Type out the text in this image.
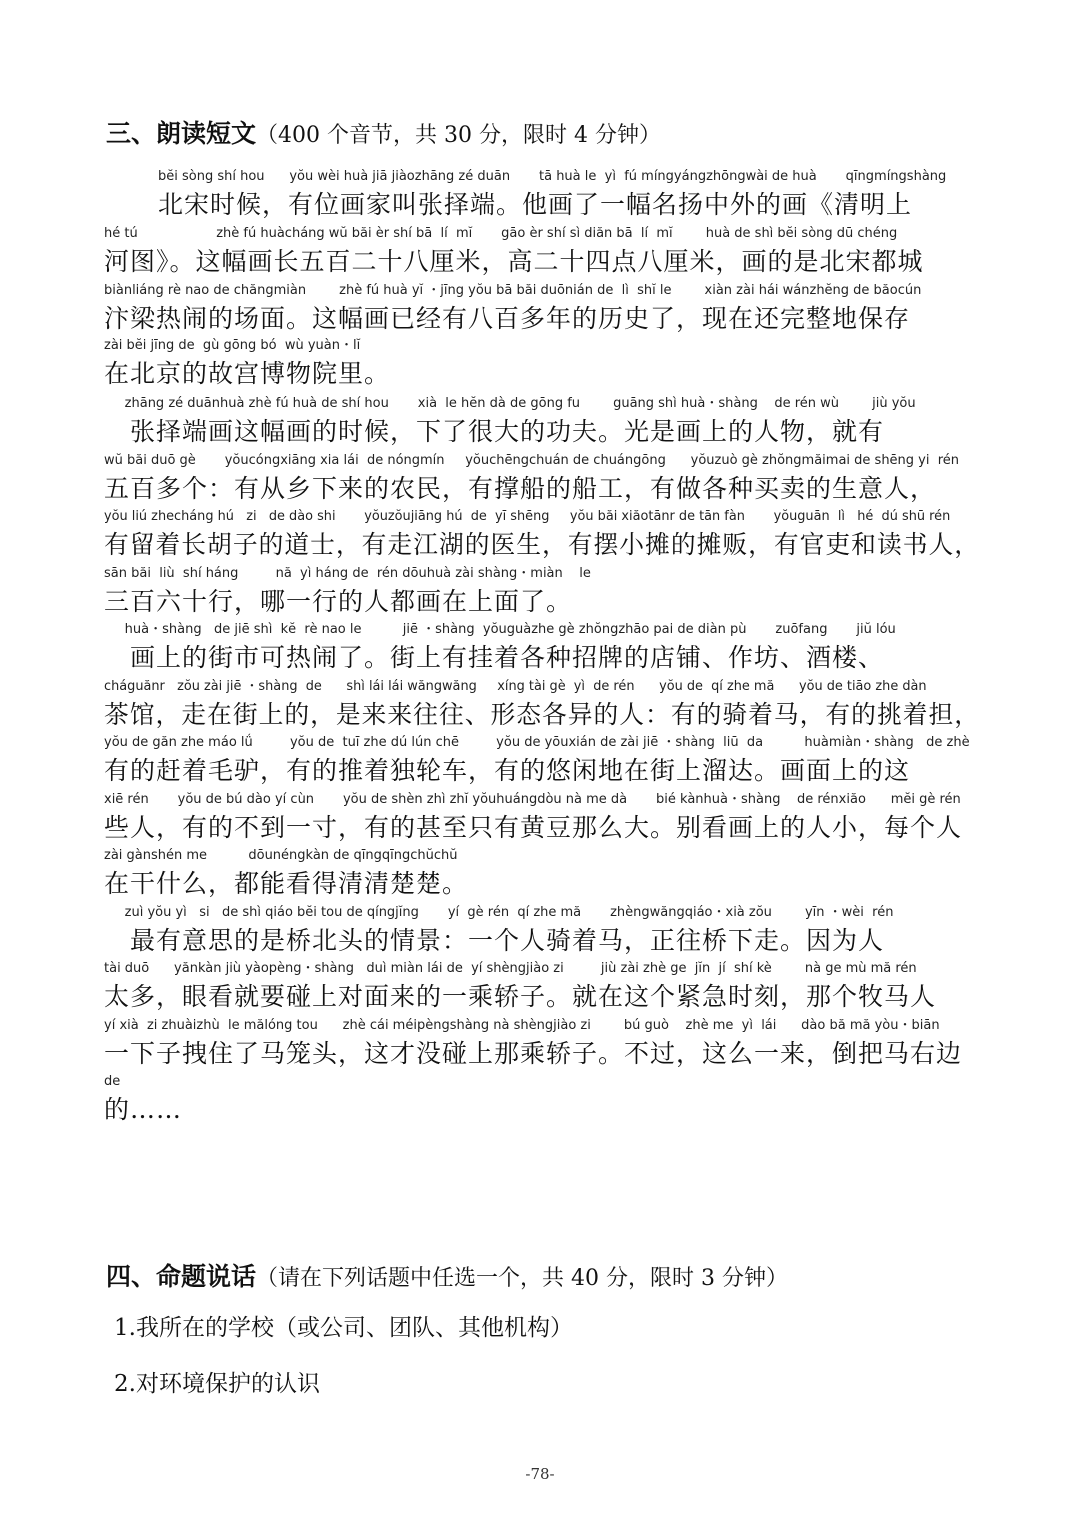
三、朗读短文（400 个音节，共 30 分，限时 4 分钟）
bĕi sòng shí hou      yŏu wèi huà jiā jiàozhāng zé duān       tā huà le  yì  fú míngyángzhōngwài de huà       qīngmíngshàng
北宋时候，有位画家叫张择端。他画了一幅名扬中外的画《清明上
hé tú                   zhè fú huàcháng wŭ băi èr shí bā  lí  mĭ       gāo èr shí sì diăn bā  lí  mĭ        huà de shì bĕi sòng dū chéng
河图》。这幅画长五百二十八厘米，高二十四点八厘米，画的是北宋都城
biànliáng rè nao de chăngmiàn        zhè fú huà yĭ ・jīng yŏu bā băi duōnián de  lì  shĭ le        xiàn zài hái wánzhĕng de băocún
汴梁热闹的场面。这幅画已经有八百多年的历史了，现在还完整地保存
zài bĕi jīng de  gù gōng bó  wù yuàn・lĭ
在北京的故宫博物院里。
zhāng zé duānhuà zhè fú huà de shí hou       xià  le hĕn dà de gōng fu        guāng shì huà・shàng    de rén wù        jiù yŏu
　张择端画这幅画的时候，下了很大的功夫。光是画上的人物，就有
wŭ băi duō gè       yŏucóngxiāng xia lái  de nóngmín     yŏuchēngchuán de chuángōng      yŏuzuò gè zhŏngmăimai de shēng yi  rén
五百多个：有从乡下来的农民，有撑船的船工，有做各种买卖的生意人，
yŏu liú zhecháng hú   zi   de dào shi       yŏuzŏujiāng hú  de  yī shēng     yŏu băi xiăotānr de tān fàn       yŏuguān  lì   hé  dú shū rén
有留着长胡子的道士，有走江湖的医生，有摆小摊的摊贩，有官吏和读书人，
sān băi  liù  shí háng         nă  yì háng de  rén dōuhuà zài shàng・miàn    le
三百六十行，哪一行的人都画在上面了。
huà・shàng   de jiē shì  kĕ  rè nao le          jiē ・shàng  yŏuguàzhe gè zhŏngzhāo pai de diàn pù       zuōfang       jiŭ lóu
　画上的街市可热闹了。街上有挂着各种招牌的店铺、作坊、酒楼、
cháguănr   zŏu zài jiē ・shàng  de      shì lái lái wăngwăng     xíng tài gè  yì  de rén      yŏu de  qí zhe mă      yŏu de tiāo zhe dàn
茶馆，走在街上的，是来来往往、形态各异的人：有的骑着马，有的挑着担，
yŏu de găn zhe máo lǘ         yŏu de  tuī zhe dú lún chē         yŏu de yōuxián de zài jiē ・shàng  liū  da          huàmiàn・shàng   de zhè
有的赶着毛驴，有的推着独轮车，有的悠闲地在街上溜达。画面上的这
xiē rén       yŏu de bú dào yí cùn       yŏu de shèn zhì zhĭ yŏuhuángdòu nà me dà       bié kànhuà・shàng    de rénxiăo      mĕi gè rén
些人，有的不到一寸，有的甚至只有黄豆那么大。别看画上的人小，每个人
zài gànshén me          dōunéngkàn de qīngqīngchŭchŭ
在干什么，都能看得清清楚楚。
zuì yŏu yì   si   de shì qiáo bĕi tou de qíngjĭng       yí  gè rén  qí zhe mă       zhèngwăngqiáo・xià zŏu        yīn ・wèi  rén
　最有意思的是桥北头的情景：一个人骑着马，正往桥下走。因为人
tài duō      yănkàn jiù yàopèng・shàng   duì miàn lái de  yí shèngjiào zi         jiù zài zhè ge  jĭn  jí  shí kè        nà ge mù mă rén
太多，眼看就要碰上对面来的一乘轿子。就在这个紧急时刻，那个牧马人
yí xià  zi zhuàizhù  le mălóng tou      zhè cái méipèngshàng nà shèngjiào zi        bú guò    zhè me  yì  lái      dào bă mă yòu・biān
一下子拽住了马笼头，这才没碰上那乘轿子。不过，这么一来，倒把马右边
de
的……
四、命题说话（请在下列话题中任选一个，共 40 分，限时 3 分钟）

1.我所在的学校（或公司、团队、其他机构）

2.对环境保护的认识

-78-
